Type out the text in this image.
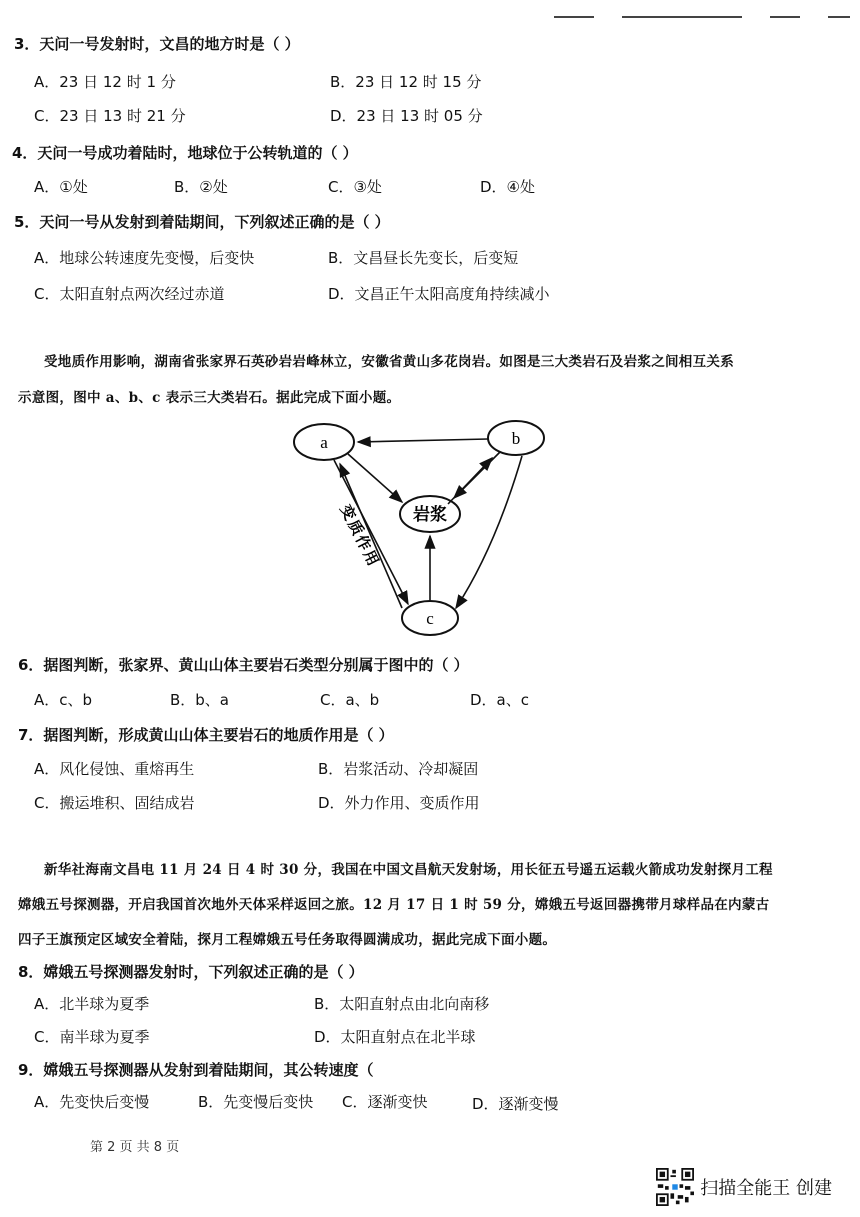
3．天问一号发射时，文昌的地方时是（ ）
A．23 日 12 时 1 分	B．23 日 12 时 15 分
C．23 日 13 时 21 分	D．23 日 13 时 05 分
4．天问一号成功着陆时，地球位于公转轨道的（ ）
A．①处	B．②处	C．③处	D．④处
5．天问一号从发射到着陆期间，下列叙述正确的是（ ）
A．地球公转速度先变慢，后变快	B．文昌昼长先变长，后变短
C．太阳直射点两次经过赤道	D．文昌正午太阳高度角持续减小
受地质作用影响，湖南省张家界石英砂岩岩峰林立，安徽省黄山多花岗岩。如图是三大类岩石及岩浆之间相互关系
示意图，图中 a、b、c 表示三大类岩石。据此完成下面小题。
a	b
c
岩浆
变质作用
6．据图判断，张家界、黄山山体主要岩石类型分别属于图中的（ ）
A．c、b	B．b、a	C．a、b	D．a、c
7．据图判断，形成黄山山体主要岩石的地质作用是（ ）
A．风化侵蚀、重熔再生	B．岩浆活动、冷却凝固
C．搬运堆积、固结成岩	D．外力作用、变质作用
新华社海南文昌电 11 月 24 日 4 时 30 分，我国在中国文昌航天发射场，用长征五号遥五运载火箭成功发射探月工程
嫦娥五号探测器，开启我国首次地外天体采样返回之旅。12 月 17 日 1 时 59 分，嫦娥五号返回器携带月球样品在内蒙古
四子王旗预定区域安全着陆，探月工程嫦娥五号任务取得圆满成功，据此完成下面小题。
8．嫦娥五号探测器发射时，下列叙述正确的是（ ）
A．北半球为夏季	B．太阳直射点由北向南移
C．南半球为夏季	D．太阳直射点在北半球
9．嫦娥五号探测器从发射到着陆期间，其公转速度（
A．先变快后变慢	B．先变慢后变快 C．逐渐变快	D．逐渐变慢
第 2 页 共 8 页
扫描全能王 创建
